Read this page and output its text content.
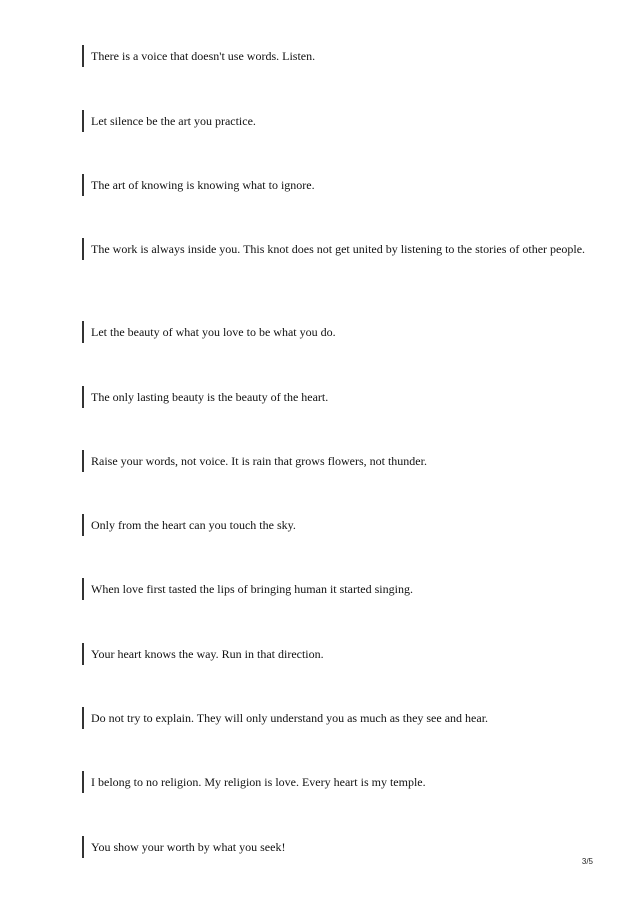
There is a voice that doesn't use words. Listen.
Let silence be the art you practice.
The art of knowing is knowing what to ignore.
The work is always inside you. This knot does not get united by listening to the stories of other people.
Let the beauty of what you love to be what you do.
The only lasting beauty is the beauty of the heart.
Raise your words, not voice. It is rain that grows flowers, not thunder.
Only from the heart can you touch the sky.
When love first tasted the lips of bringing human it started singing.
Your heart knows the way. Run in that direction.
Do not try to explain. They will only understand you as much as they see and hear.
I belong to no religion. My religion is love. Every heart is my temple.
You show your worth by what you seek!
3/5
